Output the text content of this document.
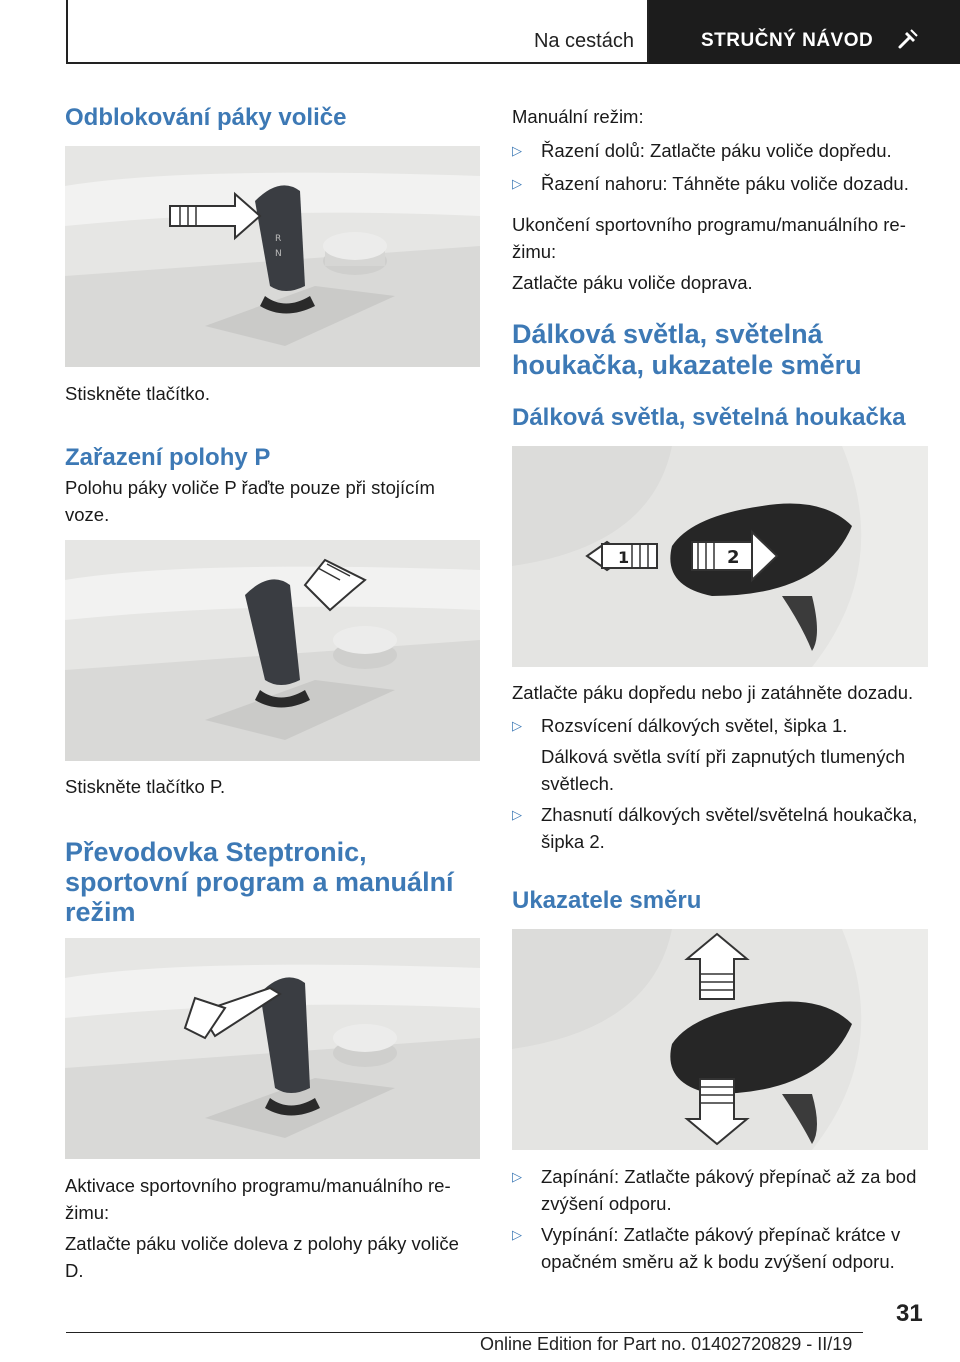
Na cestách	STRUČNÝ NÁVOD
Odblokování páky voliče
R
N
Stiskněte tlačítko.
Zařazení polohy P
Polohu páky voliče P řaďte pouze při stojícím
voze.
Stiskněte tlačítko P.
Převodovka Steptronic,
sportovní program a manuální
režim
Aktivace sportovního programu/manuálního re‐
žimu:
Zatlačte páku voliče doleva z polohy páky voliče
D.
Manuální režim:
▷ Řazení dolů: Zatlačte páku voliče dopředu.
▷ Řazení nahoru: Táhněte páku voliče dozadu.
Ukončení sportovního programu/manuálního re‐
žimu:
Zatlačte páku voliče doprava.
Dálková světla, světelná
houkačka, ukazatele směru
Dálková světla, světelná houkačka
1	2
Zatlačte páku dopředu nebo ji zatáhněte dozadu.
▷ Rozsvícení dálkových světel, šipka 1.
Dálková světla svítí při zapnutých tlumených
světlech.
▷ Zhasnutí dálkových světel/světelná houkačka,
šipka 2.
Ukazatele směru
▷ Zapínání: Zatlačte pákový přepínač až za bod
zvýšení odporu.
▷ Vypínání: Zatlačte pákový přepínač krátce v
opačném směru až k bodu zvýšení odporu.
31
Online Edition for Part no. 01402720829 - II/19
